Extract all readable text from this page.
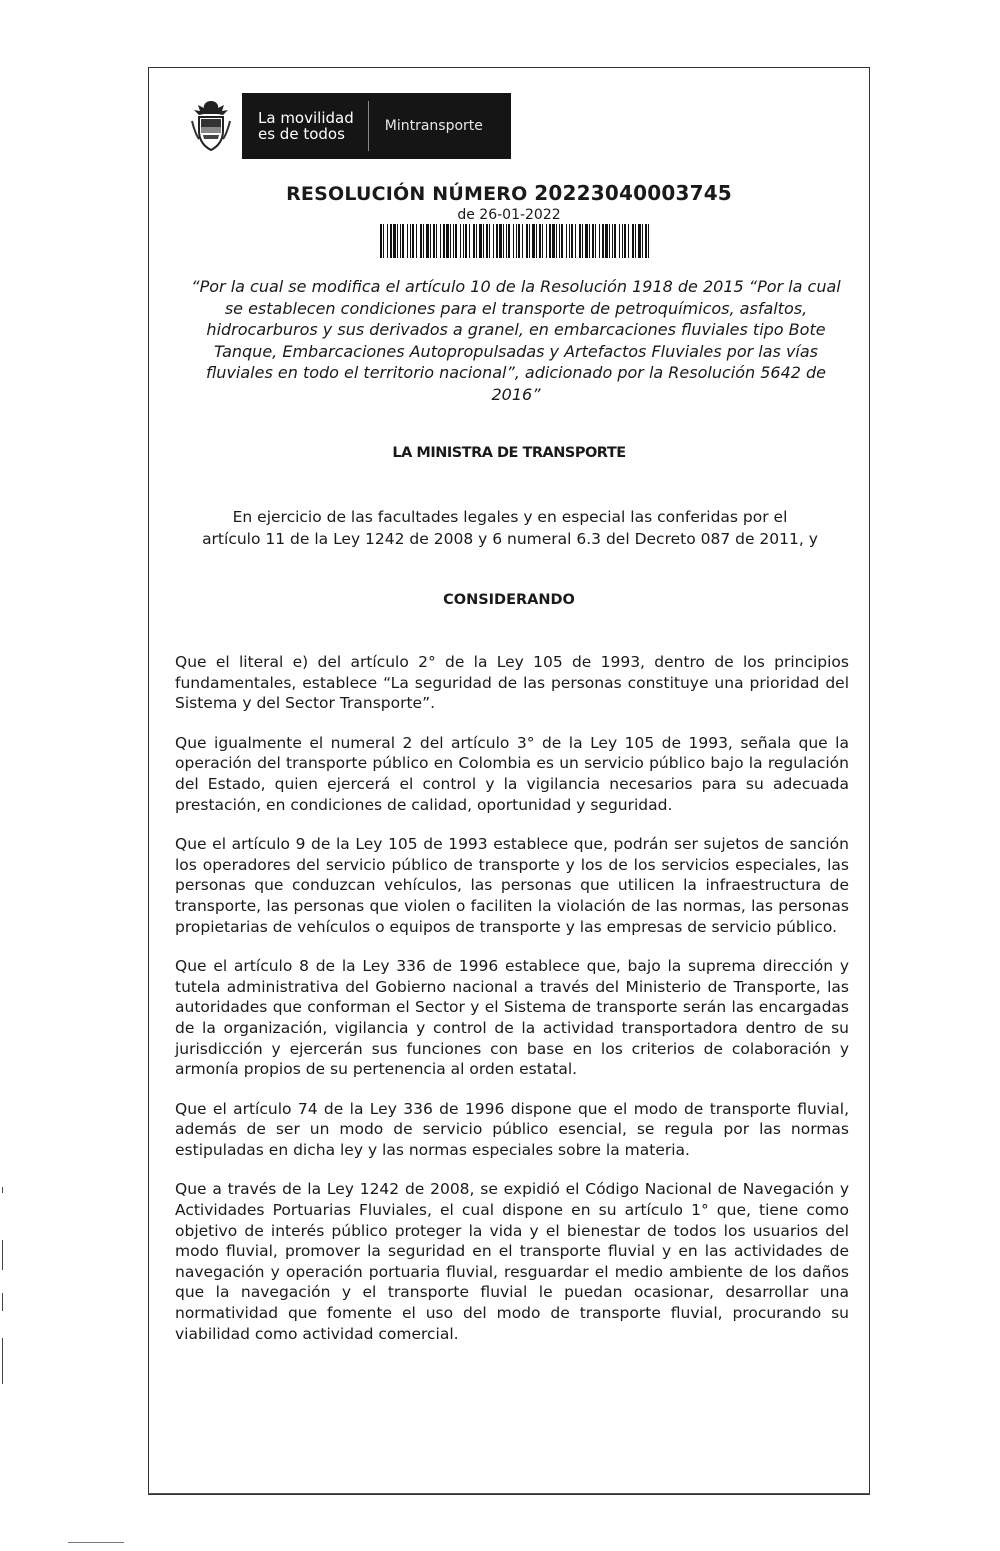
La movilidad
es de todos	Mintransporte
RESOLUCIÓN NÚMERO 20223040003745
de 26-01-2022
“Por la cual se modifica el artículo 10 de la Resolución 1918 de 2015 “Por la cual
se establecen condiciones para el transporte de petroquímicos, asfaltos,
hidrocarburos y sus derivados a granel, en embarcaciones fluviales tipo Bote
Tanque, Embarcaciones Autopropulsadas y Artefactos Fluviales por las vías
fluviales en todo el territorio nacional”, adicionado por la Resolución 5642 de
2016”
LA MINISTRA DE TRANSPORTE
En ejercicio de las facultades legales y en especial las conferidas por el
artículo 11 de la Ley 1242 de 2008 y 6 numeral 6.3 del Decreto 087 de 2011, y
CONSIDERANDO

Que el literal e) del artículo 2° de la Ley 105 de 1993, dentro de los principios fundamentales, establece “La seguridad de las personas constituye una prioridad del Sistema y del Sector Transporte”.

Que igualmente el numeral 2 del artículo 3° de la Ley 105 de 1993, señala que la operación del transporte público en Colombia es un servicio público bajo la regulación del Estado, quien ejercerá el control y la vigilancia necesarios para su adecuada prestación, en condiciones de calidad, oportunidad y seguridad.

Que el artículo 9 de la Ley 105 de 1993 establece que, podrán ser sujetos de sanción los operadores del servicio público de transporte y los de los servicios especiales, las personas que conduzcan vehículos, las personas que utilicen la infraestructura de transporte, las personas que violen o faciliten la violación de las normas, las personas propietarias de vehículos o equipos de transporte y las empresas de servicio público.

Que el artículo 8 de la Ley 336 de 1996 establece que, bajo la suprema dirección y tutela administrativa del Gobierno nacional a través del Ministerio de Transporte, las autoridades que conforman el Sector y el Sistema de transporte serán las encargadas de la organización, vigilancia y control de la actividad transportadora dentro de su jurisdicción y ejercerán sus funciones con base en los criterios de colaboración y armonía propios de su pertenencia al orden estatal.

Que el artículo 74 de la Ley 336 de 1996 dispone que el modo de transporte fluvial, además de ser un modo de servicio público esencial, se regula por las normas estipuladas en dicha ley y las normas especiales sobre la materia.

Que a través de la Ley 1242 de 2008, se expidió el Código Nacional de Navegación y Actividades Portuarias Fluviales, el cual dispone en su artículo 1° que, tiene como objetivo de interés público proteger la vida y el bienestar de todos los usuarios del modo fluvial, promover la seguridad en el transporte fluvial y en las actividades de navegación y operación portuaria fluvial, resguardar el medio ambiente de los daños que la navegación y el transporte fluvial le puedan ocasionar, desarrollar una normatividad que fomente el uso del modo de transporte fluvial, procurando su viabilidad como actividad comercial.
